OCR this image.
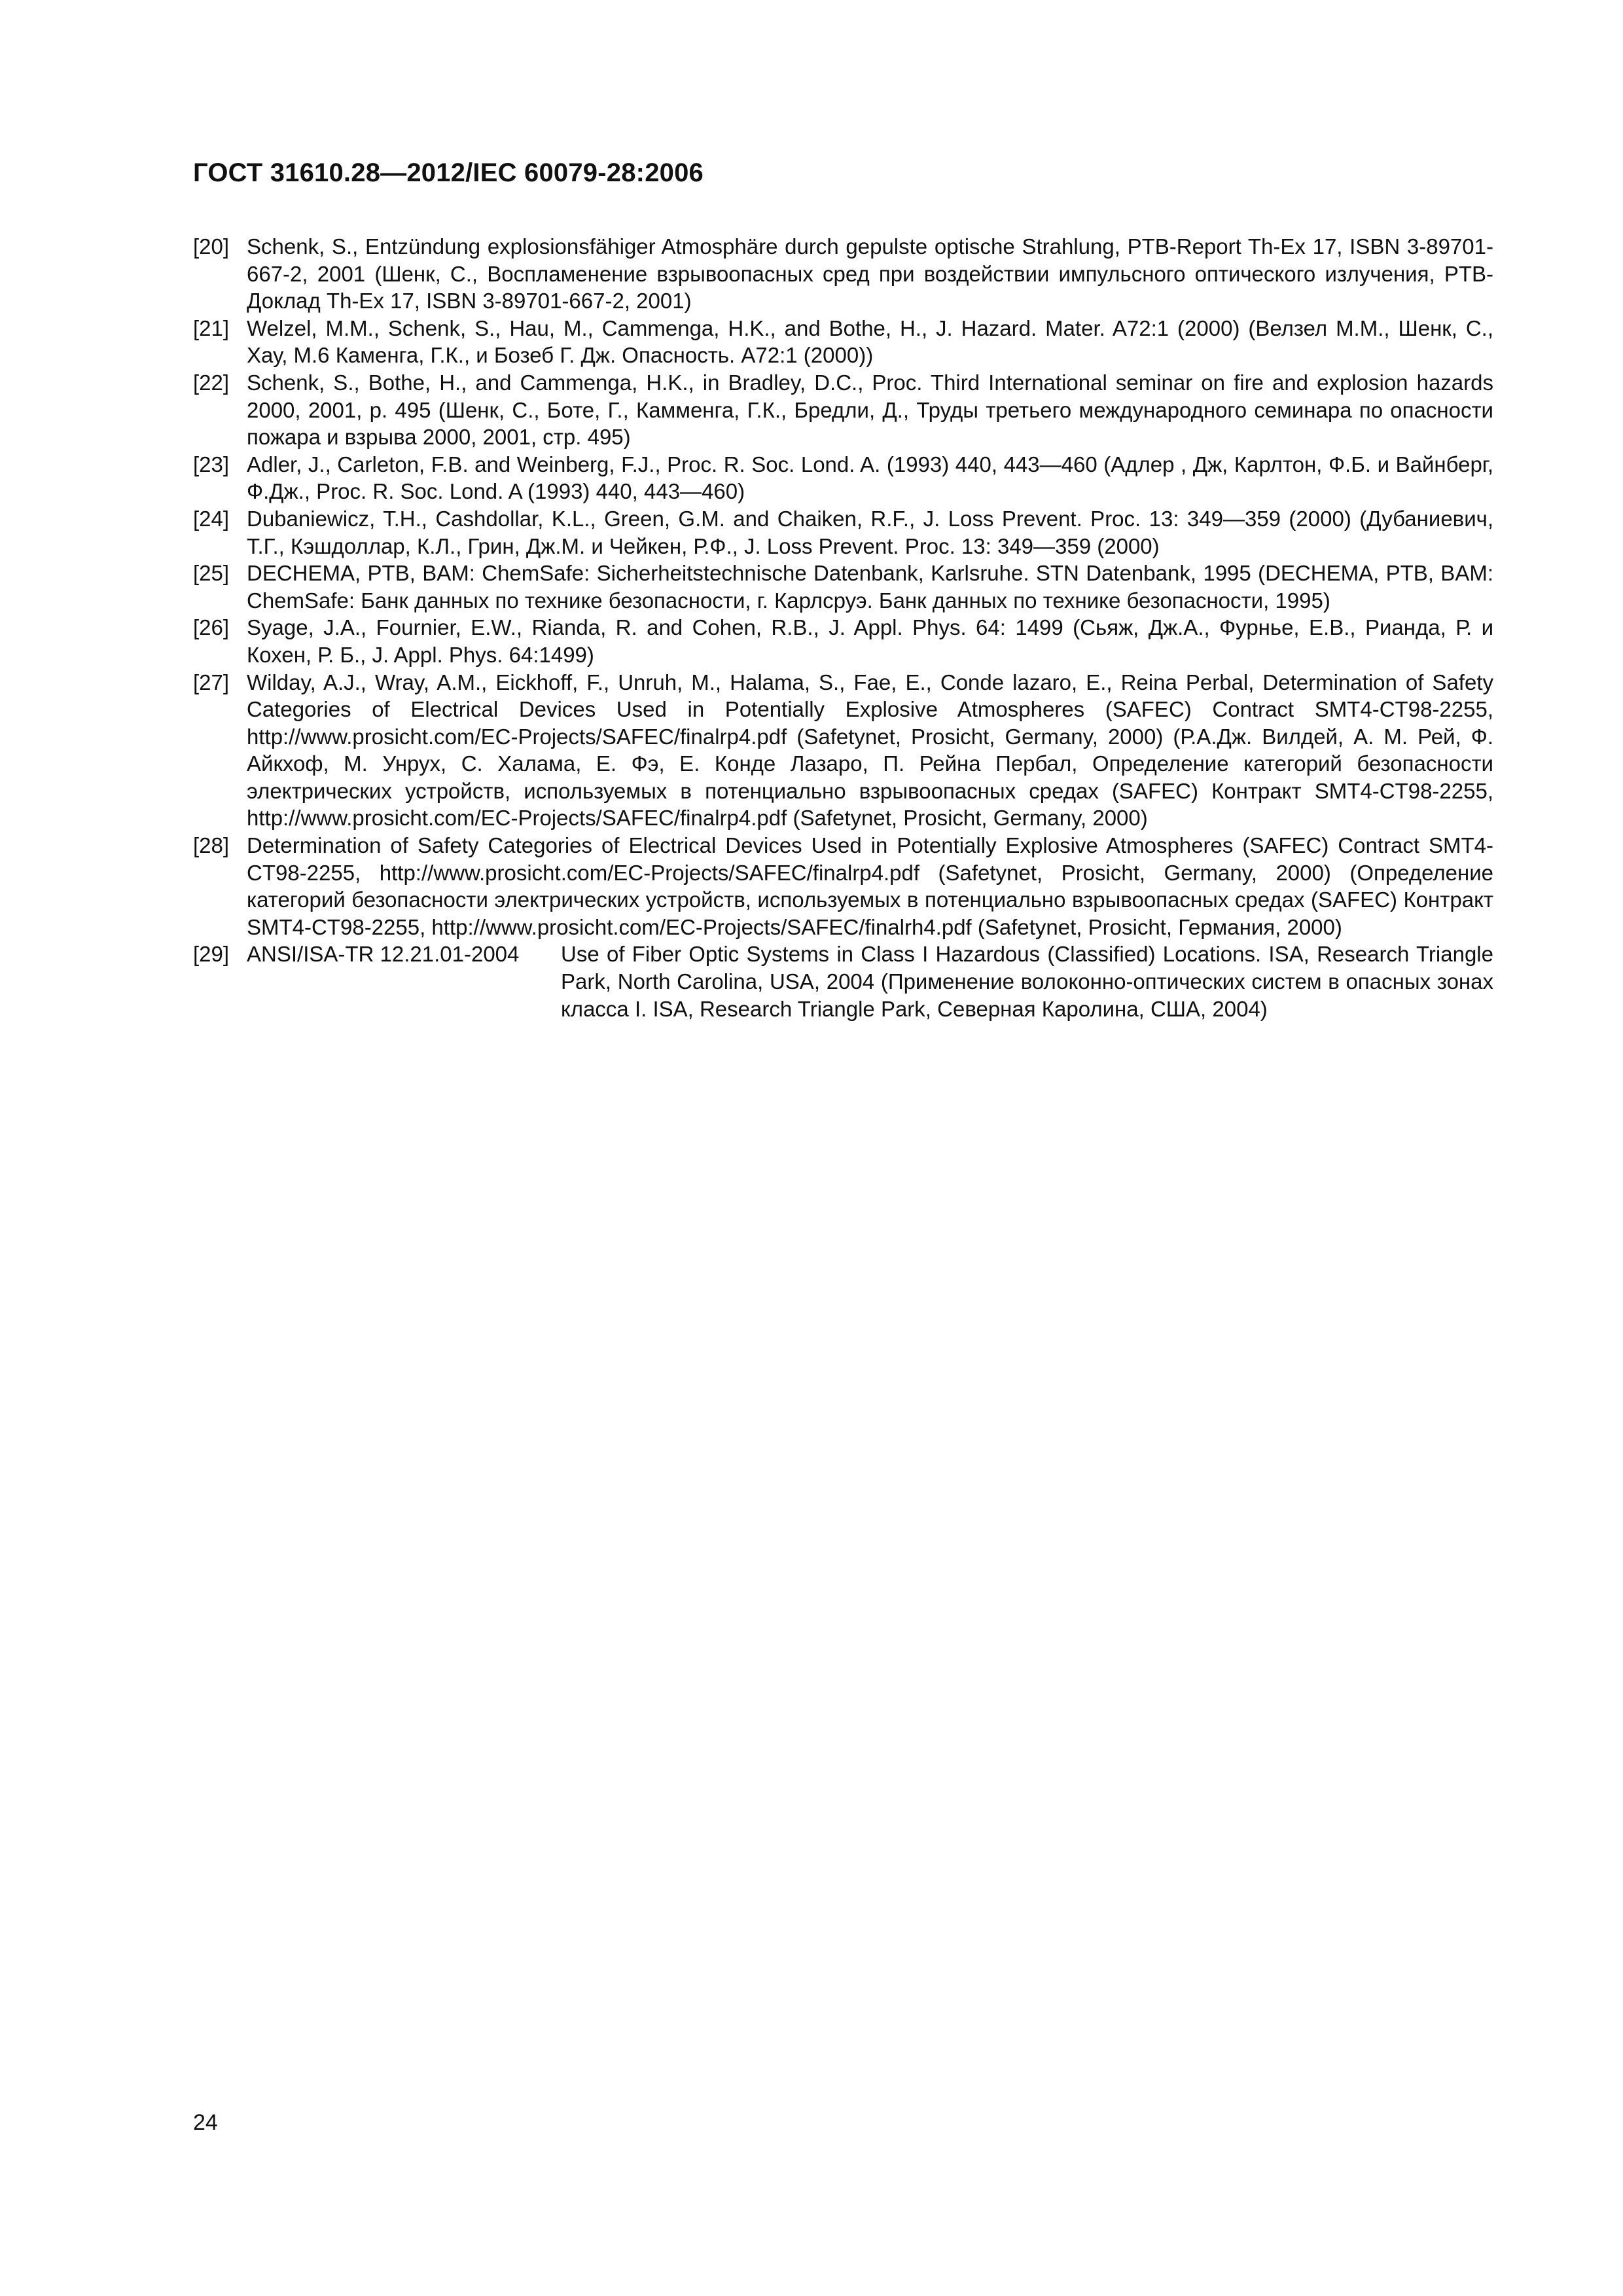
ГОСТ 31610.28—2012/IEC 60079-28:2006
[20] Schenk, S., Entzündung explosionsfähiger Atmosphäre durch gepulste optische Strahlung, PTB-Report Th-Ex 17, ISBN 3-89701-667-2, 2001 (Шенк, С., Воспламенение взрывоопасных сред при воздействии импульсного оптического излучения, PTB-Доклад Th-Ex 17, ISBN 3-89701-667-2, 2001)
[21] Welzel, M.M., Schenk, S., Hau, M., Cammenga, H.K., and Bothe, H., J. Hazard. Mater. A72:1 (2000) (Велзел М.М., Шенк, С., Хау, М.6 Каменга, Г.К., и Бозеб Г. Дж. Опасность. A72:1 (2000))
[22] Schenk, S., Bothe, H., and Cammenga, H.K., in Bradley, D.C., Proc. Third International seminar on fire and explosion hazards 2000, 2001, p. 495 (Шенк, С., Боте, Г., Камменга, Г.К., Бредли, Д., Труды третьего международного семинара по опасности пожара и взрыва 2000, 2001, стр. 495)
[23] Adler, J., Carleton, F.B. and Weinberg, F.J., Proc. R. Soc. Lond. A. (1993) 440, 443—460 (Адлер , Дж, Карлтон, Ф.Б. и Вайнберг, Ф.Дж., Proc. R. Soc. Lond. A (1993) 440, 443—460)
[24] Dubaniewicz, T.H., Cashdollar, K.L., Green, G.M. and Chaiken, R.F., J. Loss Prevent. Proc. 13: 349—359 (2000) (Дубаниевич, Т.Г., Кэшдоллар, К.Л., Грин, Дж.М. и Чейкен, Р.Ф., J. Loss Prevent. Proc. 13: 349—359 (2000)
[25] DECHEMA, PTB, BAM: ChemSafe: Sicherheitstechnische Datenbank, Karlsruhe. STN Datenbank, 1995 (DECHEMA, PTB, BAM: ChemSafe: Банк данных по технике безопасности, г. Карлсруэ. Банк данных по технике безопасности, 1995)
[26] Syage, J.A., Fournier, E.W., Rianda, R. and Cohen, R.B., J. Appl. Phys. 64: 1499 (Сьяж, Дж.А., Фурнье, Е.В., Рианда, Р. и Кохен, Р. Б., J. Appl. Phys. 64:1499)
[27] Wilday, A.J., Wray, A.M., Eickhoff, F., Unruh, M., Halama, S., Fae, E., Conde lazaro, E., Reina Perbal, Determination of Safety Categories of Electrical Devices Used in Potentially Explosive Atmospheres (SAFEC) Contract SMT4-CT98-2255, http://www.prosicht.com/EC-Projects/SAFEC/finalrp4.pdf (Safetynet, Prosicht, Germany, 2000) (Р.А.Дж. Вилдей, А. М. Рей, Ф. Айкхоф, М. Унрух, С. Халама, Е. Фэ, Е. Конде Лазаро, П. Рейна Пербал, Определение категорий безопасности электрических устройств, используемых в потенциально взрывоопасных средах (SAFEC) Контракт SMT4-CT98-2255, http://www.prosicht.com/EC-Projects/SAFEC/finalrp4.pdf (Safetynet, Prosicht, Germany, 2000)
[28] Determination of Safety Categories of Electrical Devices Used in Potentially Explosive Atmospheres (SAFEC) Contract SMT4-CT98-2255, http://www.prosicht.com/EC-Projects/SAFEC/finalrp4.pdf (Safetynet, Prosicht, Germany, 2000) (Определение категорий безопасности электрических устройств, используемых в потенциально взрывоопасных средах (SAFEC) Контракт SMT4-CT98-2255, http://www.prosicht.com/EC-Projects/SAFEC/finalrh4.pdf (Safetynet, Prosicht, Германия, 2000)
[29] ANSI/ISA-TR 12.21.01-2004 Use of Fiber Optic Systems in Class I Hazardous (Classified) Locations. ISA, Research Triangle Park, North Carolina, USA, 2004 (Применение волоконно-оптических систем в опасных зонах класса I. ISA, Research Triangle Park, Северная Каролина, США, 2004)
24
